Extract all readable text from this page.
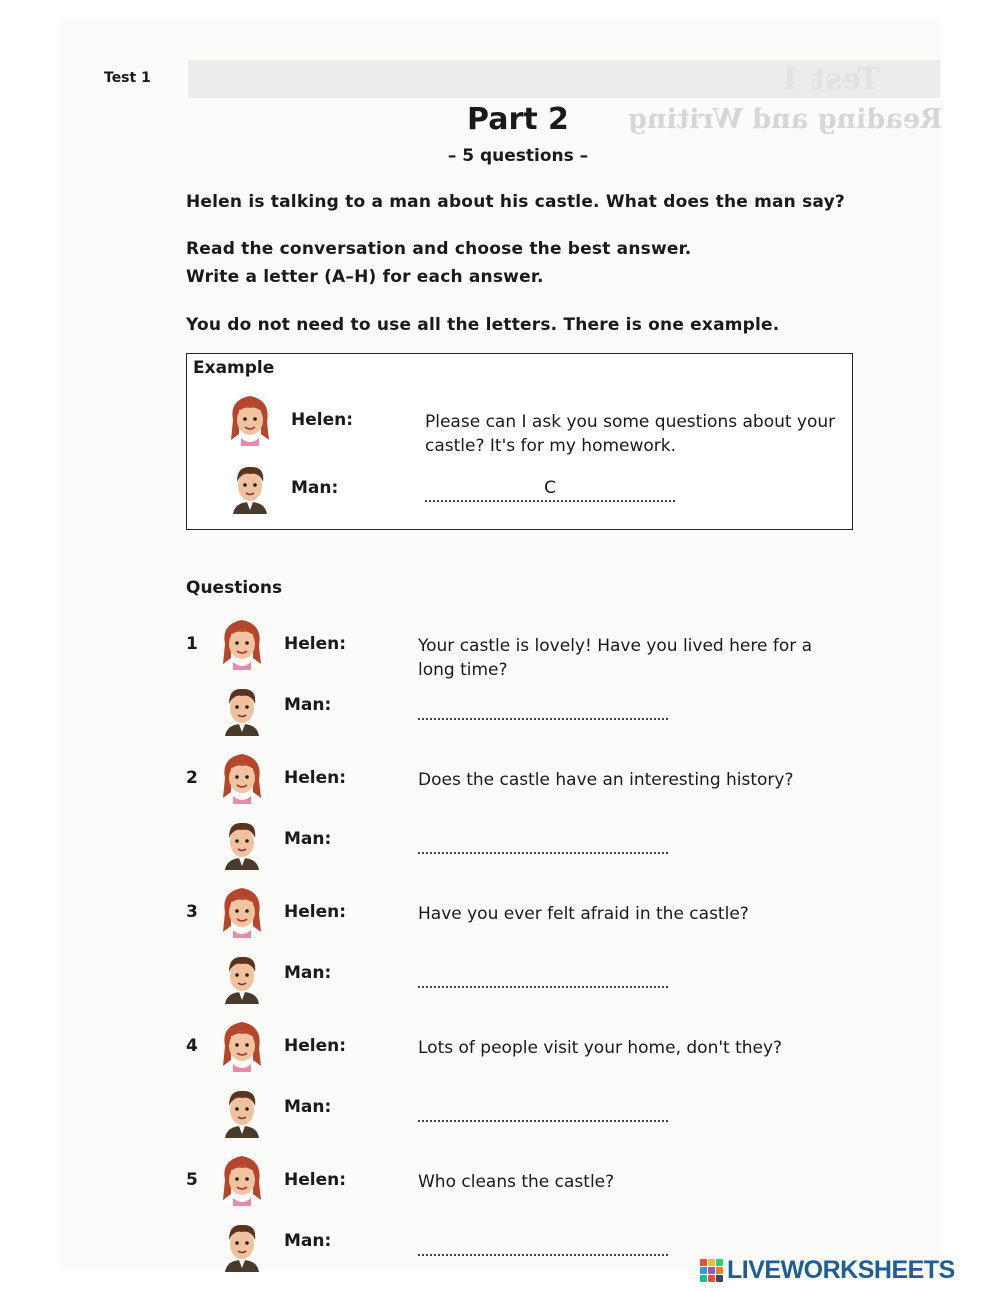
Test 1
Reading and Writing
Test 1
Part 2
– 5 questions –
Helen is talking to a man about his castle. What does the man say?
Read the conversation and choose the best answer.
Write a letter (A–H) for each answer.
You do not need to use all the letters. There is one example.
Example
Helen:	Please can I ask you some questions about your castle? It's for my homework.
Man:	C
Questions
1	Helen:	Your castle is lovely! Have you lived here for a long time?
Man:
2	Helen:	Does the castle have an interesting history?
Man:
3	Helen:	Have you ever felt afraid in the castle?
Man:
4	Helen:	Lots of people visit your home, don't they?
Man:
5	Helen:	Who cleans the castle?
Man:
LIVEWORKSHEETS
